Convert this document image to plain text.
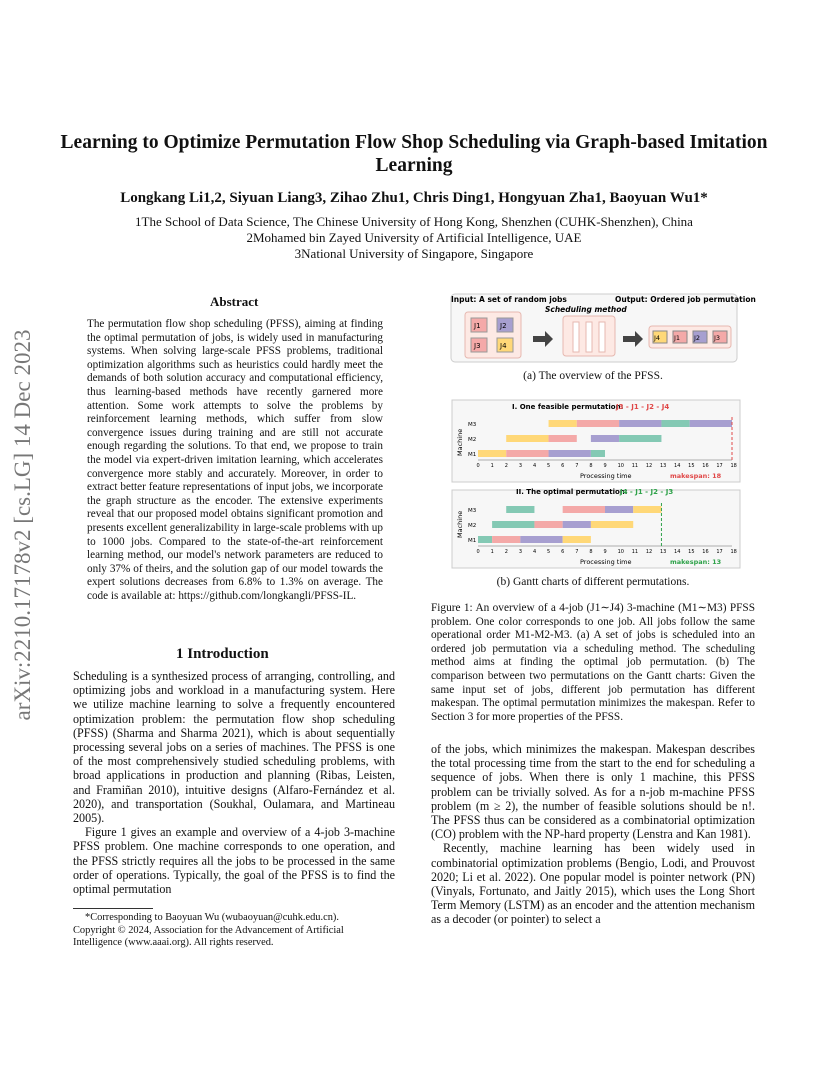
arXiv:2210.17178v2 [cs.LG] 14 Dec 2023
Learning to Optimize Permutation Flow Shop Scheduling via Graph-based Imitation Learning
Longkang Li1,2, Siyuan Liang3, Zihao Zhu1, Chris Ding1, Hongyuan Zha1, Baoyuan Wu1*
1The School of Data Science, The Chinese University of Hong Kong, Shenzhen (CUHK-Shenzhen), China
2Mohamed bin Zayed University of Artificial Intelligence, UAE
3National University of Singapore, Singapore
Abstract
The permutation flow shop scheduling (PFSS), aiming at finding the optimal permutation of jobs, is widely used in manufacturing systems. When solving large-scale PFSS problems, traditional optimization algorithms such as heuristics could hardly meet the demands of both solution accuracy and computational efficiency, thus learning-based methods have recently garnered more attention. Some work attempts to solve the problems by reinforcement learning methods, which suffer from slow convergence issues during training and are still not accurate enough regarding the solutions. To that end, we propose to train the model via expert-driven imitation learning, which accelerates convergence more stably and accurately. Moreover, in order to extract better feature representations of input jobs, we incorporate the graph structure as the encoder. The extensive experiments reveal that our proposed model obtains significant promotion and presents excellent generalizability in large-scale problems with up to 1000 jobs. Compared to the state-of-the-art reinforcement learning method, our model's network parameters are reduced to only 37% of theirs, and the solution gap of our model towards the expert solutions decreases from 6.8% to 1.3% on average. The code is available at: https://github.com/longkangli/PFSS-IL.
1 Introduction

Scheduling is a synthesized process of arranging, controlling, and optimizing jobs and workload in a manufacturing system. Here we utilize machine learning to solve a frequently encountered optimization problem: the permutation flow shop scheduling (PFSS) (Sharma and Sharma 2021), which is about sequentially processing several jobs on a series of machines. The PFSS is one of the most comprehensively studied scheduling problems, with broad applications in production and planning (Ribas, Leisten, and Framiñan 2010), intuitive designs (Alfaro-Fernández et al. 2020), and transportation (Soukhal, Oulamara, and Martineau 2005).

Figure 1 gives an example and overview of a 4-job 3-machine PFSS problem. One machine corresponds to one operation, and the PFSS strictly requires all the jobs to be processed in the same order of operations. Typically, the goal of the PFSS is to find the optimal permutation

*Corresponding to Baoyuan Wu (wubaoyuan@cuhk.edu.cn).

Copyright © 2024, Association for the Advancement of Artificial Intelligence (www.aaai.org). All rights reserved.

Input: A set of random jobs
Scheduling method
Output: Ordered job permutation
J1	J2
J3	J4
J4 J1 J2 J3
(a) The overview of the PFSS.
I. One feasible permutation:
J3 - J1 - J2 - J4
II. The optimal permutation:
J4 - J1 - J2 - J3
Machine
Machine
Processing time
Processing time
makespan: 18
makespan: 13
M3
M2
M1
0 1 2 3 4 5 6 7 8 9 10 11 12 13 14 15 16 17 18
M3
M2
M1
0 1 2 3 4 5 6 7 8 9 10 11 12 13 14 15 16 17 18
(b) Gantt charts of different permutations.
Figure 1: An overview of a 4-job (J1∼J4) 3-machine (M1∼M3) PFSS problem. One color corresponds to one job. All jobs follow the same operational order M1-M2-M3. (a) A set of jobs is scheduled into an ordered job permutation via a scheduling method. The scheduling method aims at finding the optimal job permutation. (b) The comparison between two permutations on the Gantt charts: Given the same input set of jobs, different job permutation has different makespan. The optimal permutation minimizes the makespan. Refer to Section 3 for more properties of the PFSS.

of the jobs, which minimizes the makespan. Makespan describes the total processing time from the start to the end for scheduling a sequence of jobs. When there is only 1 machine, this PFSS problem can be trivially solved. As for a n-job m-machine PFSS problem (m ≥ 2), the number of feasible solutions should be n!. The PFSS thus can be considered as a combinatorial optimization (CO) problem with the NP-hard property (Lenstra and Kan 1981).

Recently, machine learning has been widely used in combinatorial optimization problems (Bengio, Lodi, and Prouvost 2020; Li et al. 2022). One popular model is pointer network (PN) (Vinyals, Fortunato, and Jaitly 2015), which uses the Long Short Term Memory (LSTM) as an encoder and the attention mechanism as a decoder (or pointer) to select a
